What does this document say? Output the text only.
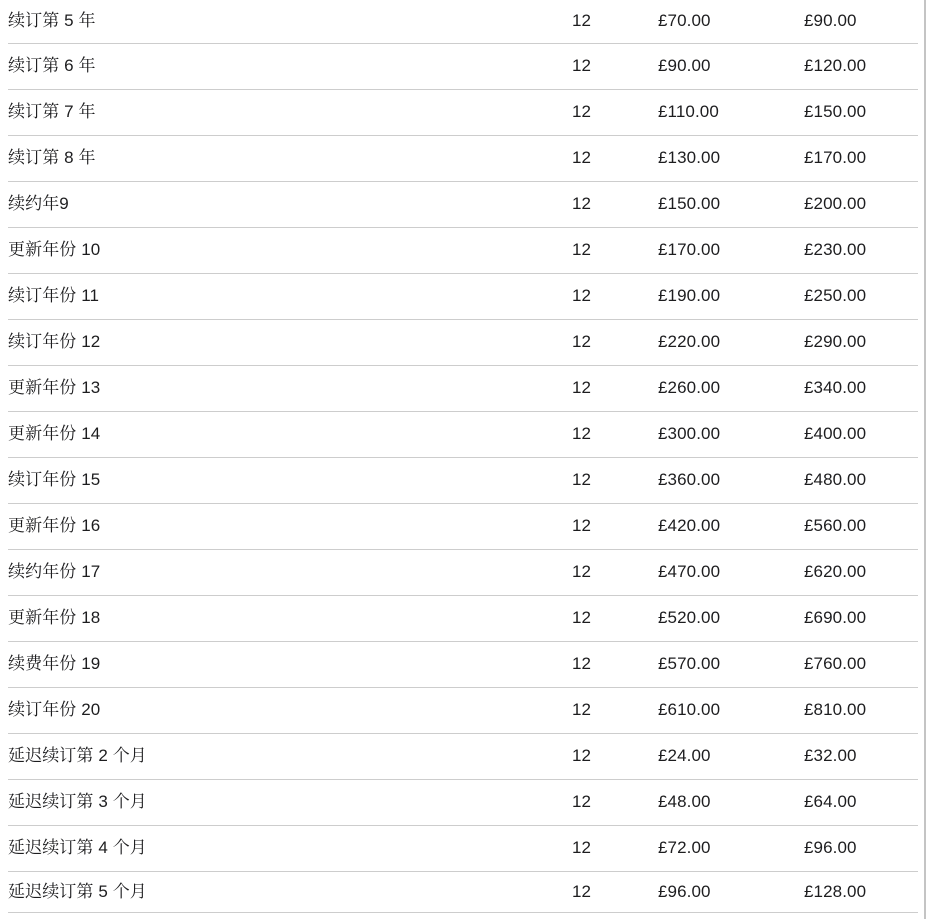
续订第 5 年	12	£70.00	£90.00
续订第 6 年	12	£90.00	£120.00
续订第 7 年	12	£110.00	£150.00
续订第 8 年	12	£130.00	£170.00
续约年9	12	£150.00	£200.00
更新年份 10	12	£170.00	£230.00
续订年份 11	12	£190.00	£250.00
续订年份 12	12	£220.00	£290.00
更新年份 13	12	£260.00	£340.00
更新年份 14	12	£300.00	£400.00
续订年份 15	12	£360.00	£480.00
更新年份 16	12	£420.00	£560.00
续约年份 17	12	£470.00	£620.00
更新年份 18	12	£520.00	£690.00
续费年份 19	12	£570.00	£760.00
续订年份 20	12	£610.00	£810.00
延迟续订第 2 个月	12	£24.00	£32.00
延迟续订第 3 个月	12	£48.00	£64.00
延迟续订第 4 个月	12	£72.00	£96.00
延迟续订第 5 个月	12	£96.00	£128.00
